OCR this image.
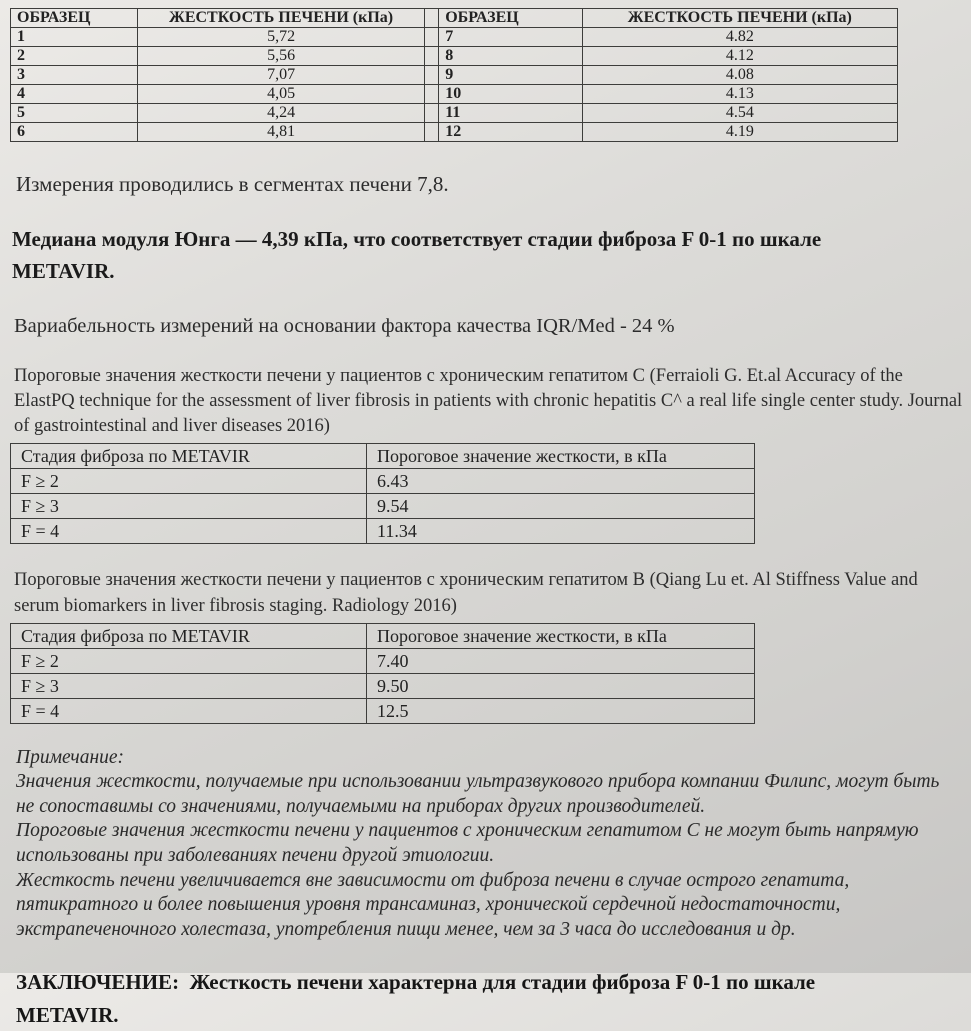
ОБРАЗЕЦ	ЖЕСТКОСТЬ ПЕЧЕНИ (кПа)		ОБРАЗЕЦ	ЖЕСТКОСТЬ ПЕЧЕНИ (кПа)
1	5,72		7	4.82
2	5,56		8	4.12
3	7,07		9	4.08
4	4,05		10	4.13
5	4,24		11	4.54
6	4,81		12	4.19
Измерения проводились в сегментах печени 7,8.
Медиана модуля Юнга — 4,39 кПа, что соответствует стадии фиброза F 0-1 по шкале METAVIR.
Вариабельность измерений на основании фактора качества IQR/Med - 24 %
Пороговые значения жесткости печени у пациентов с хроническим гепатитом С (Ferraioli G. Et.al Accuracy of the ElastPQ technique for the assessment of liver fibrosis in patients with chronic hepatitis C^ a real life single center study. Journal of gastrointestinal and liver diseases 2016)
Стадия фиброза по METAVIR	Пороговое значение жесткости, в кПа
F ≥ 2	6.43
F ≥ 3	9.54
F = 4	11.34
Пороговые значения жесткости печени у пациентов с хроническим гепатитом В (Qiang Lu et. Al Stiffness Value and serum biomarkers in liver fibrosis staging. Radiology 2016)
Стадия фиброза по METAVIR	Пороговое значение жесткости, в кПа
F ≥ 2	7.40
F ≥ 3	9.50
F = 4	12.5
Примечание:
Значения жесткости, получаемые при использовании ультразвукового прибора компании Филипс, могут быть
не сопоставимы со значениями, получаемыми на приборах других производителей.
Пороговые значения жесткости печени у пациентов с хроническим гепатитом С не могут быть напрямую
использованы при заболеваниях печени другой этиологии.
Жесткость печени увеличивается вне зависимости от фиброза печени в случае острого гепатита,
пятикратного и более повышения уровня трансаминаз, хронической сердечной недостаточности,
экстрапеченочного холестаза, употребления пищи менее, чем за 3 часа до исследования и др.
ЗАКЛЮЧЕНИЕ: Жесткость печени характерна для стадии фиброза F 0-1 по шкале METAVIR.
